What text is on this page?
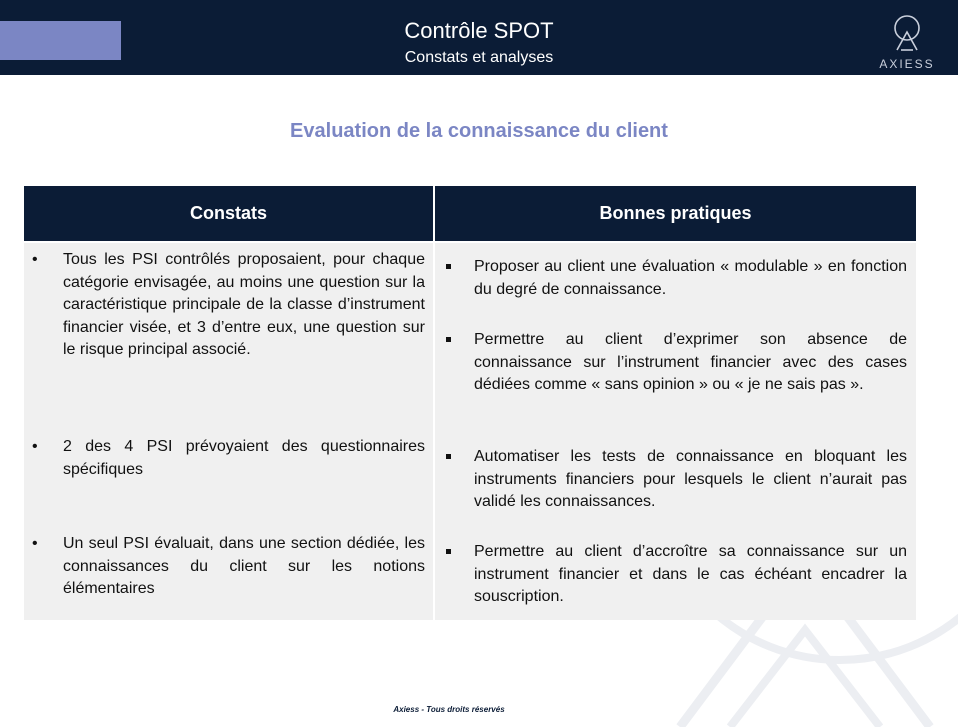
Contrôle SPOT
Constats et analyses	AXIESS
Evaluation de la connaissance du client
Constats	Bonnes pratiques
• Tous les PSI contrôlés proposaient, pour chaque catégorie envisagée, au moins une question sur la caractéristique principale de la classe d’instrument financier visée, et 3 d’entre eux, une question sur le risque principal associé.
• 2 des 4 PSI prévoyaient des questionnaires spécifiques
• Un seul PSI évaluait, dans une section dédiée, les connaissances du client sur les notions élémentaires
Proposer au client une évaluation « modulable » en fonction du degré de connaissance.
Permettre au client d’exprimer son absence de connaissance sur l’instrument financier avec des cases dédiées comme « sans opinion » ou « je ne sais pas ».
Automatiser les tests de connaissance en bloquant les instruments financiers pour lesquels le client n’aurait pas validé les connaissances.
Permettre au client d’accroître sa connaissance sur un instrument financier et dans le cas échéant encadrer la souscription.
Axiess - Tous droits réservés
